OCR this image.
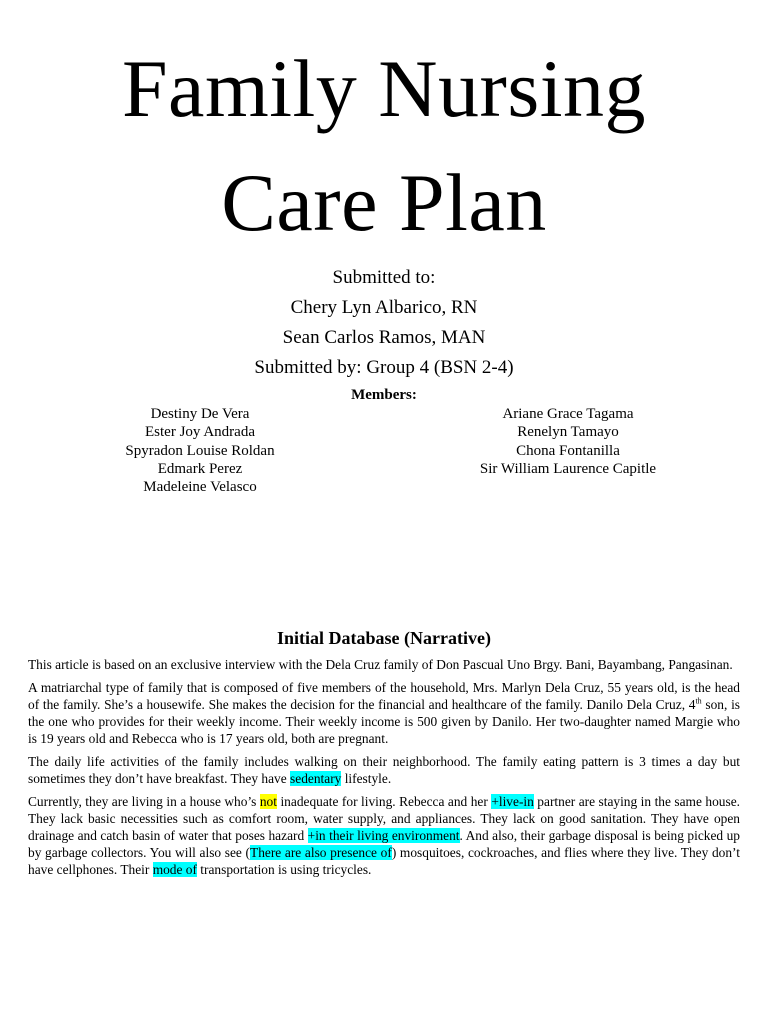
Family Nursing
Care Plan
Submitted to:
Chery Lyn Albarico, RN
Sean Carlos Ramos, MAN
Submitted by: Group 4 (BSN 2-4)
Members:
Destiny De Vera
Ester Joy Andrada
Spyradon Louise Roldan
Edmark Perez
Madeleine Velasco
Ariane Grace Tagama
Renelyn Tamayo
Chona Fontanilla
Sir William Laurence Capitle
Initial Database (Narrative)

This article is based on an exclusive interview with the Dela Cruz family of Don Pascual Uno Brgy. Bani, Bayambang, Pangasinan.

A matriarchal type of family that is composed of five members of the household, Mrs. Marlyn Dela Cruz, 55 years old, is the head of the family. She’s a housewife. She makes the decision for the financial and healthcare of the family. Danilo Dela Cruz, 4th son, is the one who provides for their weekly income. Their weekly income is 500 given by Danilo. Her two-daughter named Margie who is 19 years old and Rebecca who is 17 years old, both are pregnant.

The daily life activities of the family includes walking on their neighborhood. The family eating pattern is 3 times a day but sometimes they don’t have breakfast. They have sedentary lifestyle.

Currently, they are living in a house who’s not inadequate for living. Rebecca and her +live-in partner are staying in the same house. They lack basic necessities such as comfort room, water supply, and appliances. They lack on good sanitation. They have open drainage and catch basin of water that poses hazard +in their living environment. And also, their garbage disposal is being picked up by garbage collectors. You will also see (There are also presence of) mosquitoes, cockroaches, and flies where they live. They don’t have cellphones. Their mode of transportation is using tricycles.
